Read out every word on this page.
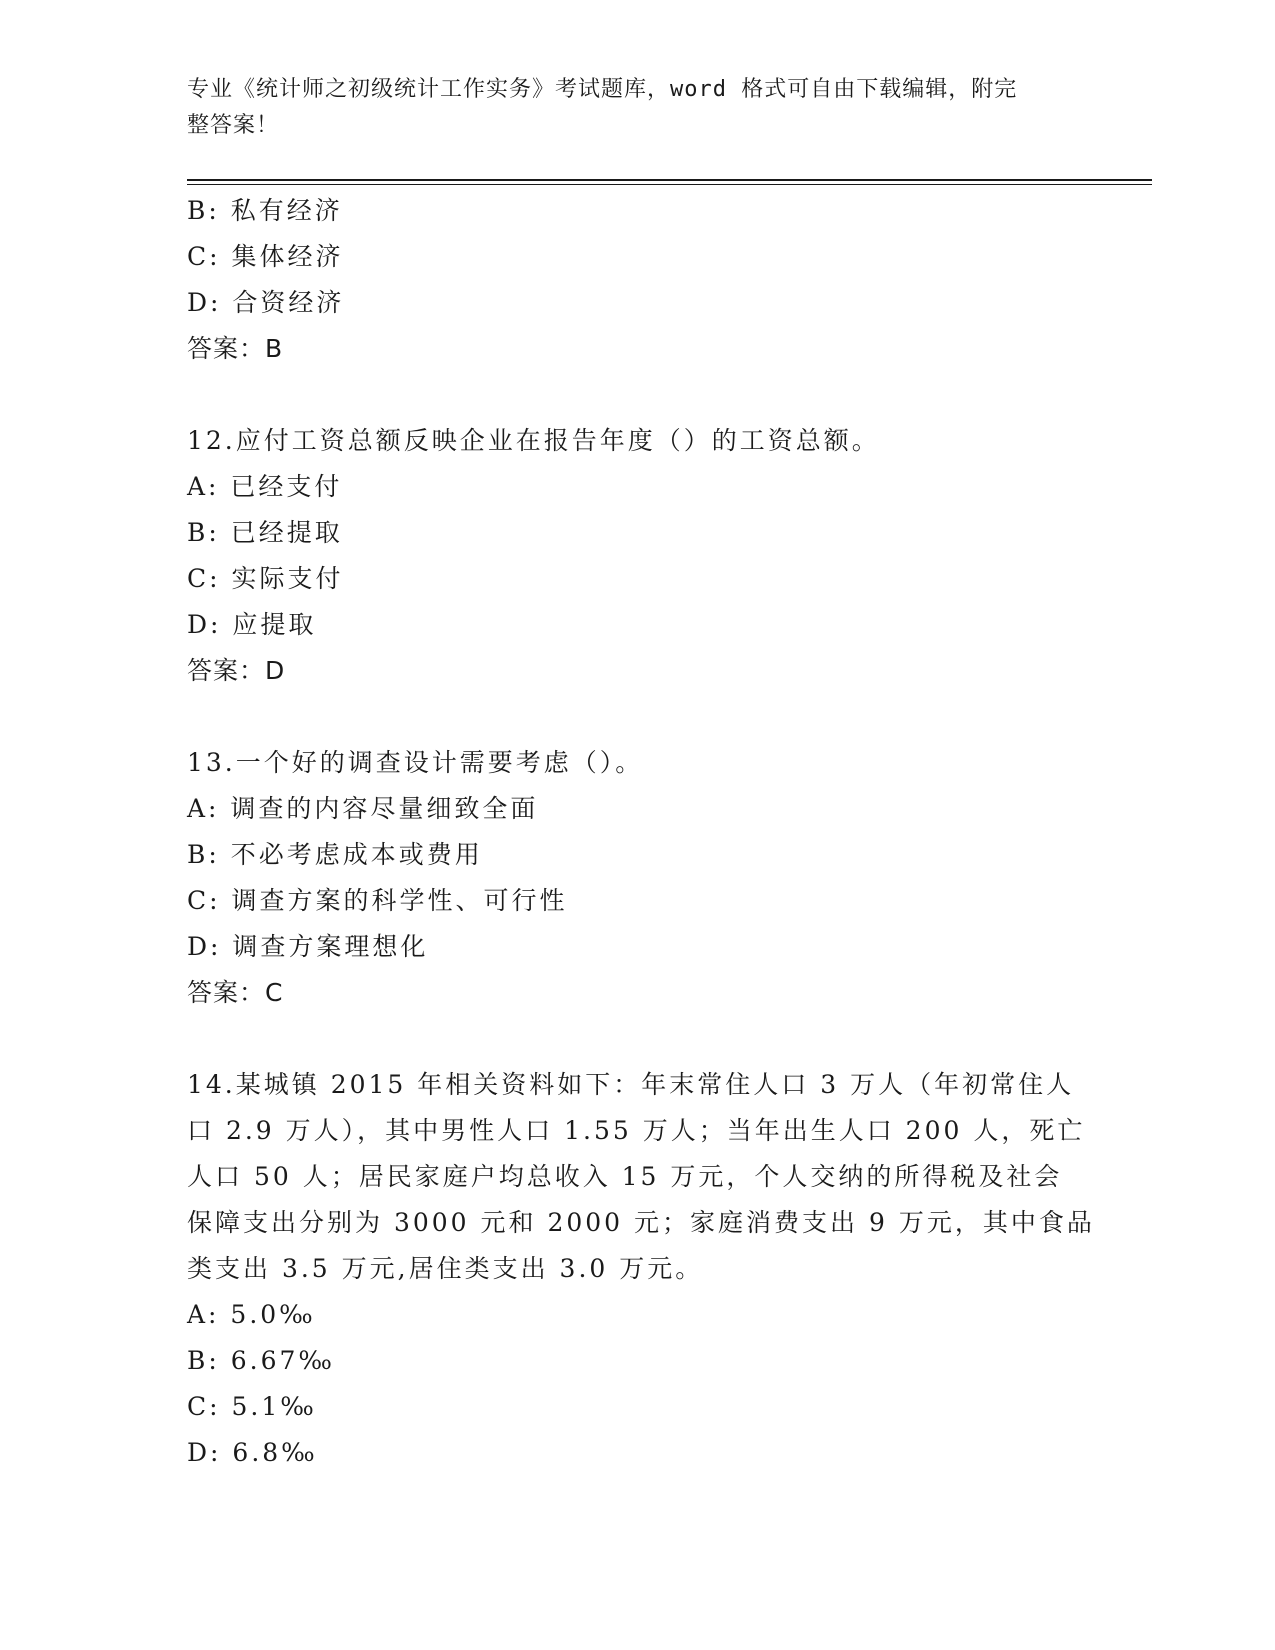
专业《统计师之初级统计工作实务》考试题库，word 格式可自由下载编辑，附完
整答案！
B: 私有经济
C: 集体经济
D: 合资经济
答案：B
12.应付工资总额反映企业在报告年度（）的工资总额。
A: 已经支付
B: 已经提取
C: 实际支付
D: 应提取
答案：D
13.一个好的调查设计需要考虑（）。
A: 调查的内容尽量细致全面
B: 不必考虑成本或费用
C: 调查方案的科学性、可行性
D: 调查方案理想化
答案：C
14.某城镇 2015 年相关资料如下：年末常住人口 3 万人（年初常住人
口 2.9 万人），其中男性人口 1.55 万人；当年出生人口 200 人，死亡
人口 50 人；居民家庭户均总收入 15 万元，个人交纳的所得税及社会
保障支出分别为 3000 元和 2000 元；家庭消费支出 9 万元，其中食品
类支出 3.5 万元,居住类支出 3.0 万元。
A: 5.0‰
B: 6.67‰
C: 5.1‰
D: 6.8‰
